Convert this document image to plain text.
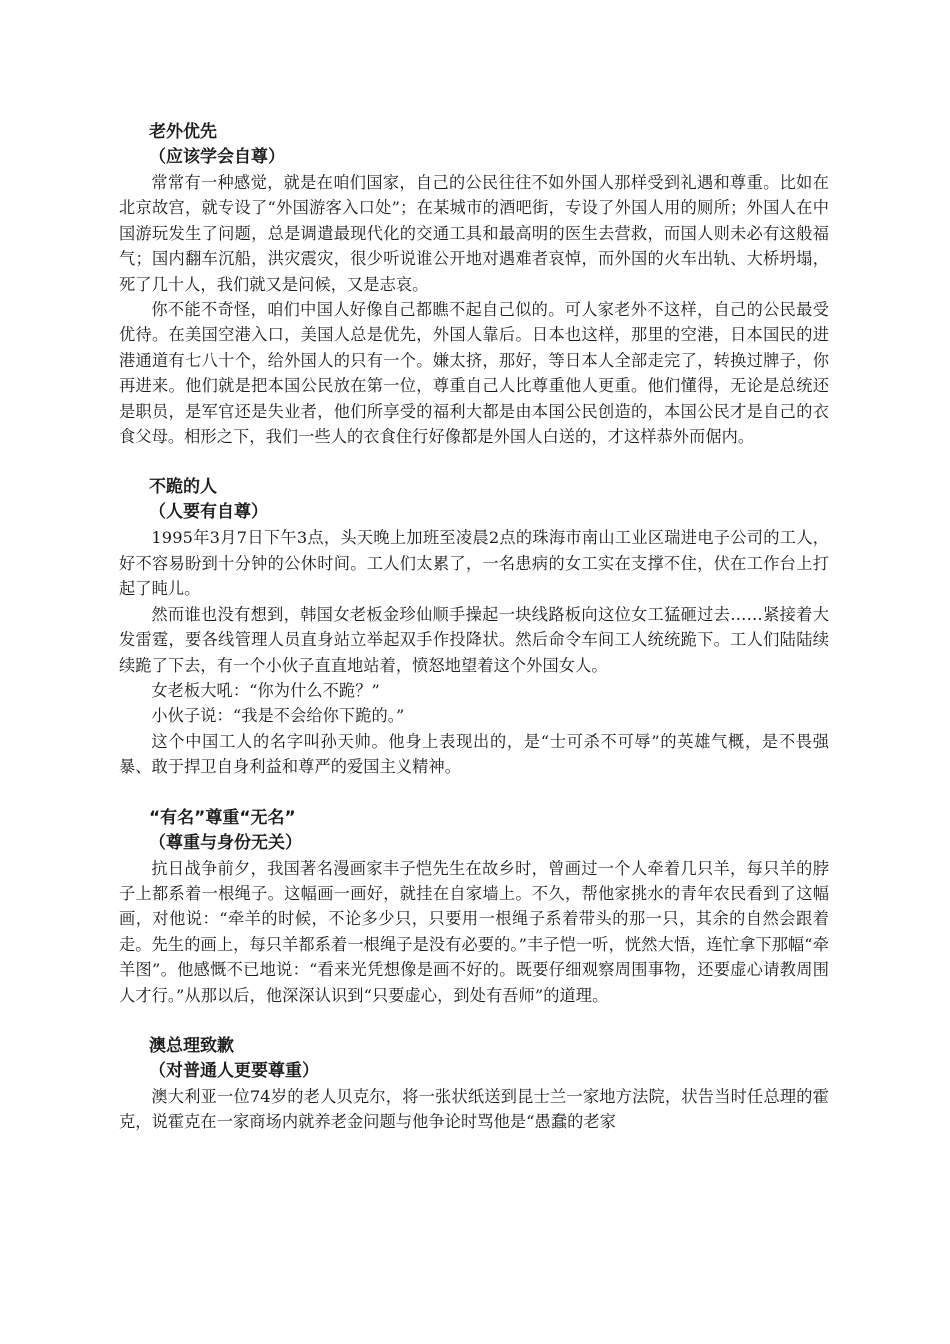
老外优先
（应该学会自尊）

常常有一种感觉，就是在咱们国家，自己的公民往往不如外国人那样受到礼遇和尊重。比如在北京故宫，就专设了“外国游客入口处”；在某城市的酒吧街，专设了外国人用的厕所；外国人在中国游玩发生了问题，总是调遣最现代化的交通工具和最高明的医生去营救，而国人则未必有这般福气；国内翻车沉船，洪灾震灾，很少听说谁公开地对遇难者哀悼，而外国的火车出轨、大桥坍塌，死了几十人，我们就又是问候，又是志哀。

你不能不奇怪，咱们中国人好像自己都瞧不起自己似的。可人家老外不这样，自己的公民最受优待。在美国空港入口，美国人总是优先，外国人靠后。日本也这样，那里的空港，日本国民的进港通道有七八十个，给外国人的只有一个。嫌太挤，那好，等日本人全部走完了，转换过牌子，你再进来。他们就是把本国公民放在第一位，尊重自己人比尊重他人更重。他们懂得，无论是总统还是职员，是军官还是失业者，他们所享受的福利大都是由本国公民创造的，本国公民才是自己的衣食父母。相形之下，我们一些人的衣食住行好像都是外国人白送的，才这样恭外而倨内。

不跪的人
（人要有自尊）

1995年3月7日下午3点，头天晚上加班至凌晨2点的珠海市南山工业区瑞进电子公司的工人，好不容易盼到十分钟的公休时间。工人们太累了，一名患病的女工实在支撑不住，伏在工作台上打起了盹儿。

然而谁也没有想到，韩国女老板金珍仙顺手操起一块线路板向这位女工猛砸过去……紧接着大发雷霆，要各线管理人员直身站立举起双手作投降状。然后命令车间工人统统跪下。工人们陆陆续续跪了下去，有一个小伙子直直地站着，愤怒地望着这个外国女人。

女老板大吼：“你为什么不跪？”

小伙子说：“我是不会给你下跪的。”

这个中国工人的名字叫孙天帅。他身上表现出的，是“士可杀不可辱”的英雄气概，是不畏强暴、敢于捍卫自身利益和尊严的爱国主义精神。

“有名”尊重“无名”
（尊重与身份无关）

抗日战争前夕，我国著名漫画家丰子恺先生在故乡时，曾画过一个人牵着几只羊，每只羊的脖子上都系着一根绳子。这幅画一画好，就挂在自家墙上。不久，帮他家挑水的青年农民看到了这幅画，对他说：“牵羊的时候，不论多少只，只要用一根绳子系着带头的那一只，其余的自然会跟着走。先生的画上，每只羊都系着一根绳子是没有必要的。”丰子恺一听，恍然大悟，连忙拿下那幅“牵羊图”。他感慨不已地说：“看来光凭想像是画不好的。既要仔细观察周围事物，还要虚心请教周围人才行。”从那以后，他深深认识到“只要虚心，到处有吾师”的道理。

澳总理致歉
（对普通人更要尊重）

澳大利亚一位74岁的老人贝克尔，将一张状纸送到昆士兰一家地方法院，状告当时任总理的霍克，说霍克在一家商场内就养老金问题与他争论时骂他是“愚蠢的老家
